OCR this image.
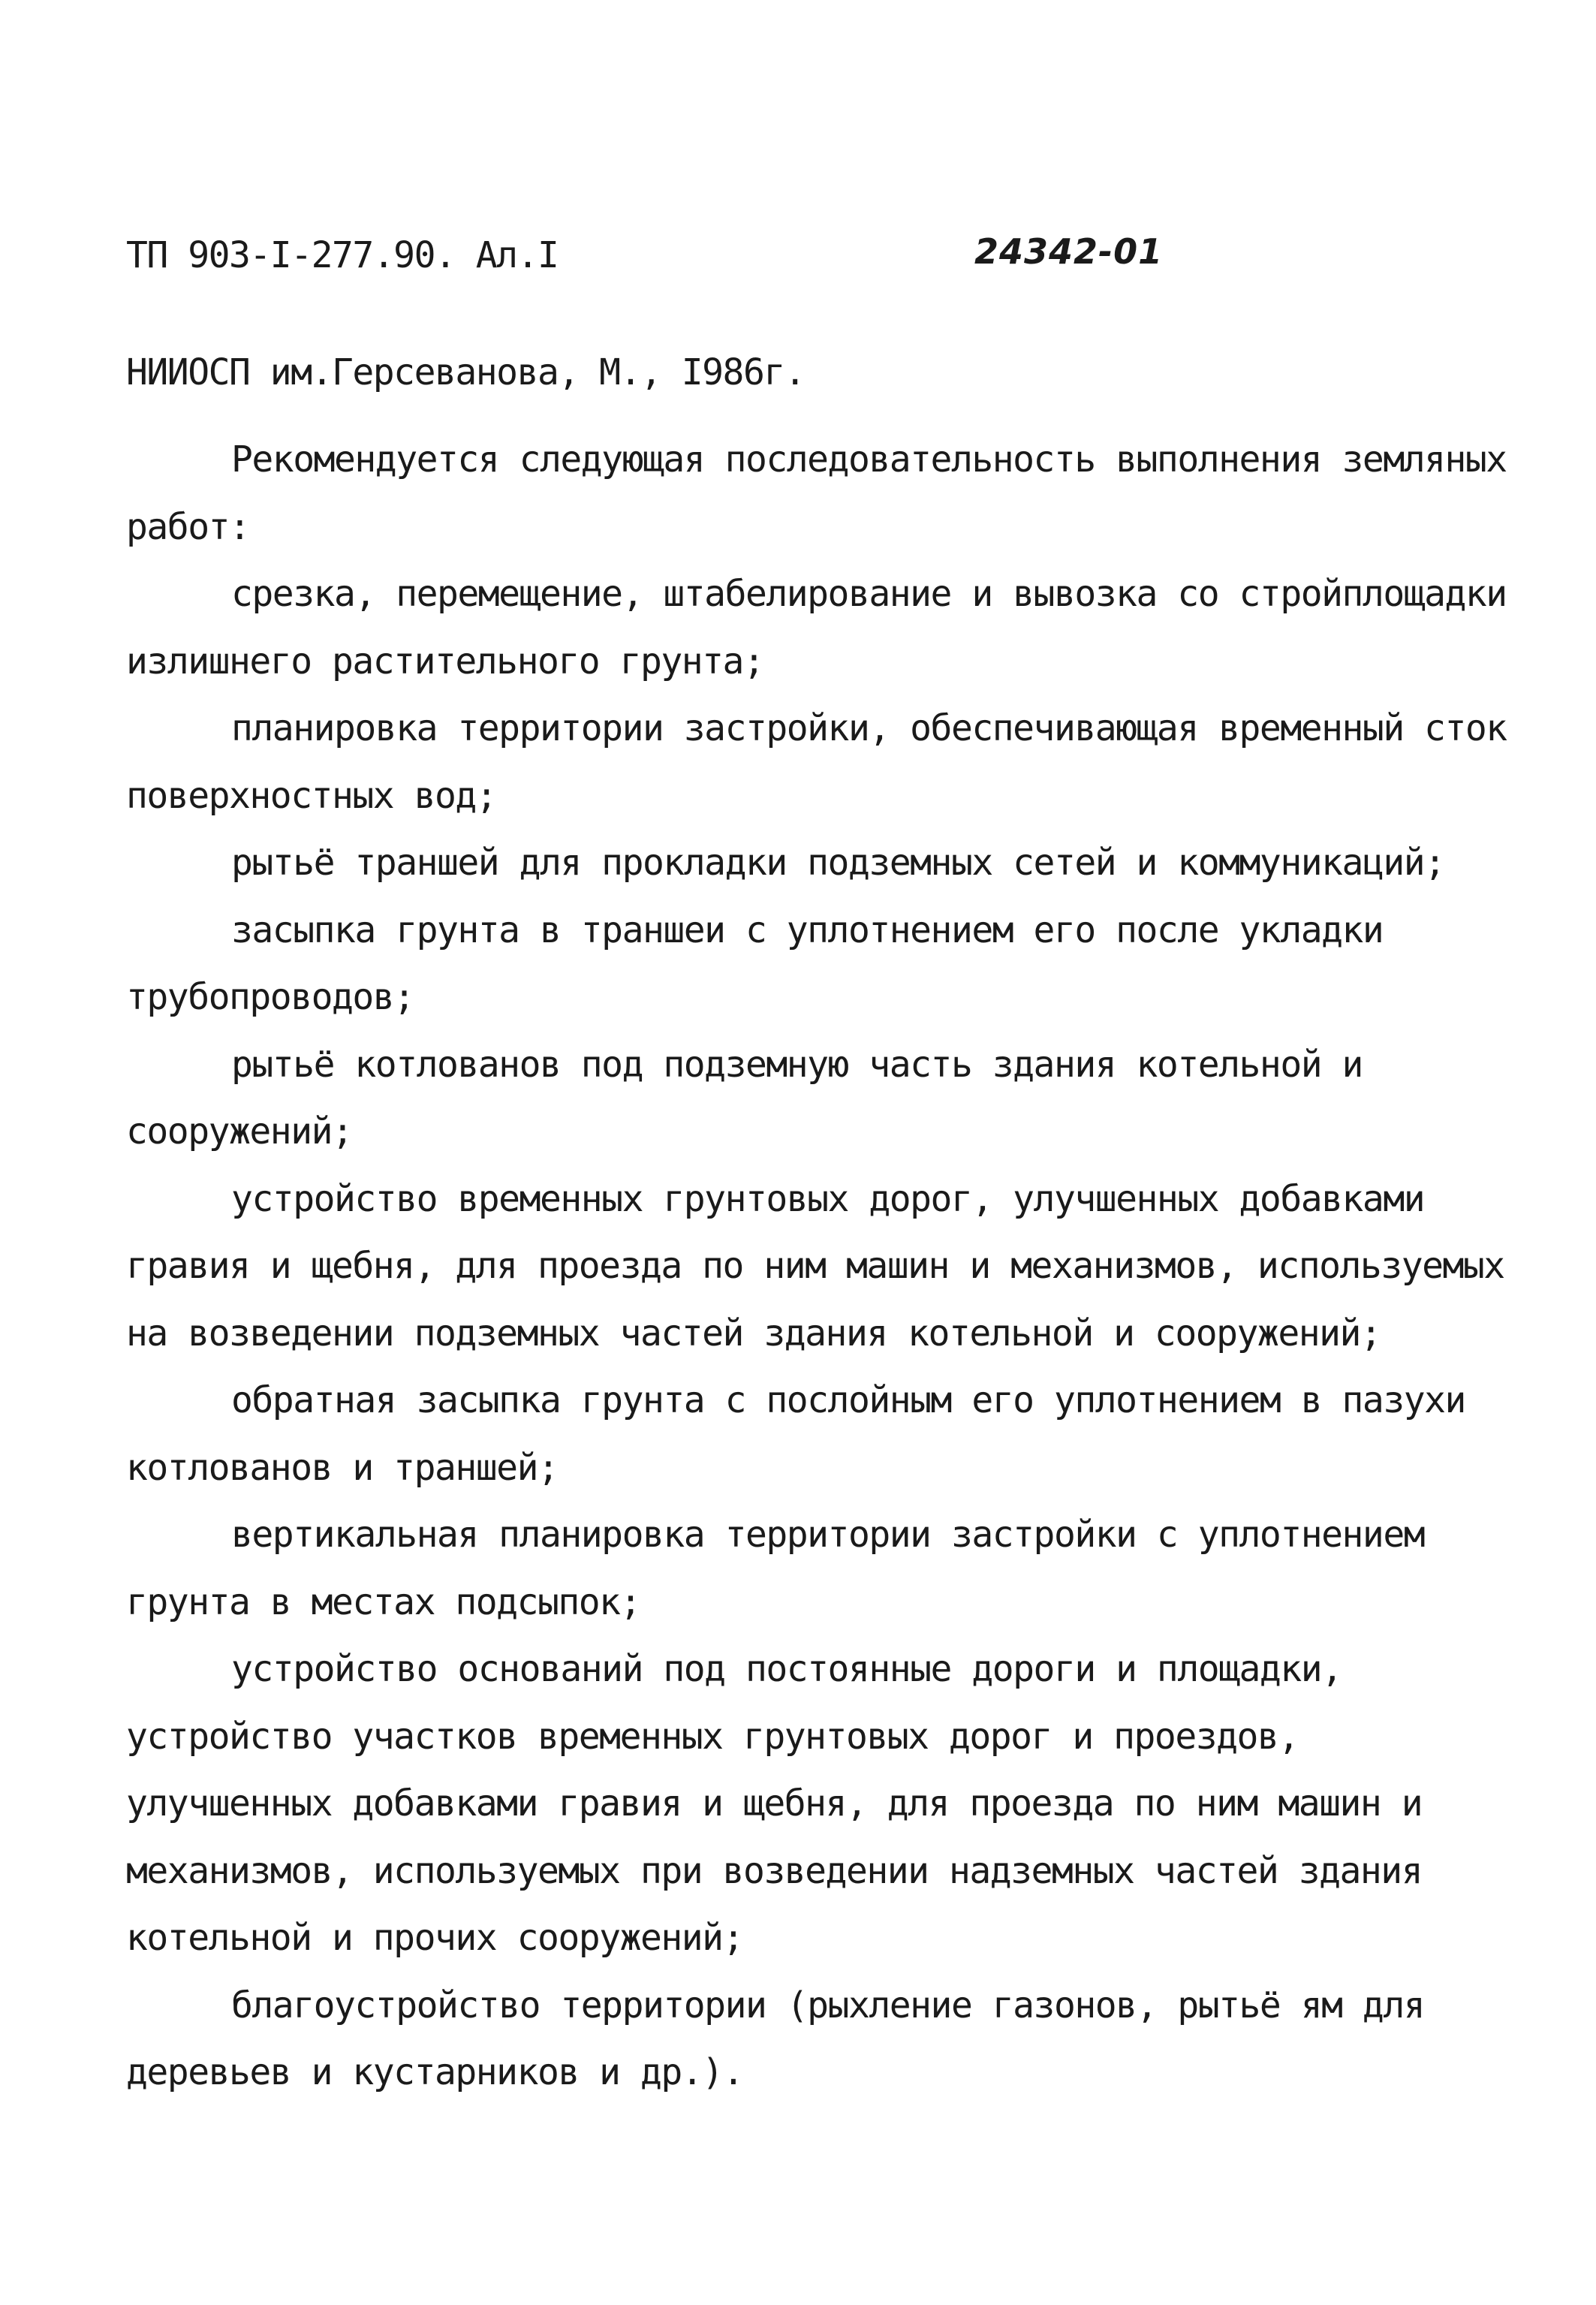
ТП 903-I-277.90. Ал.I	24342-01
НИИОСП им.Герсеванова, М., I986г.

Рекомендуется следующая последовательность выполнения земляных работ:

срезка, перемещение, штабелирование и вывозка со стройплощадки излишнего растительного грунта;

планировка территории застройки, обеспечивающая временный сток поверхностных вод;

рытьё траншей для прокладки подземных сетей и коммуникаций;

засыпка грунта в траншеи с уплотнением его после укладки трубопроводов;

рытьё котлованов под подземную часть здания котельной и сооружений;

устройство временных грунтовых дорог, улучшенных добавками гравия и щебня, для проезда по ним машин и механизмов, используемых на возведении подземных частей здания котельной и сооружений;

обратная засыпка грунта с послойным его уплотнением в пазухи котлованов и траншей;

вертикальная планировка территории застройки с уплотнением грунта в местах подсыпок;

устройство оснований под постоянные дороги и площадки, устройство участков временных грунтовых дорог и проездов, улучшенных добавками гравия и щебня, для проезда по ним машин и механизмов, используемых при возведении надземных частей здания котельной и прочих сооружений;

благоустройство территории (рыхление газонов, рытьё ям для деревьев и кустарников и др.).
